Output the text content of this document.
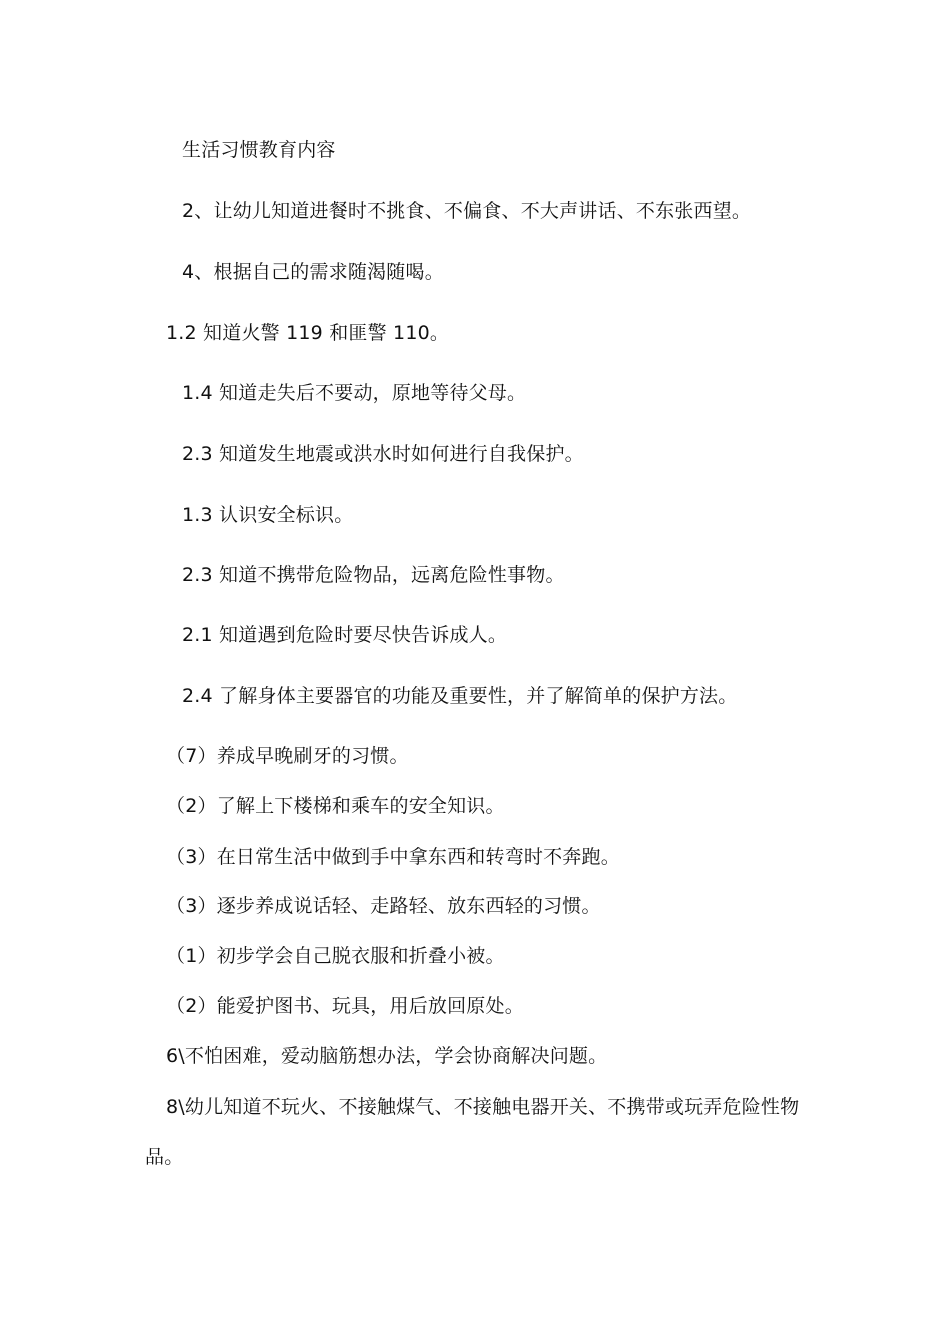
生活习惯教育内容
2、让幼儿知道进餐时不挑食、不偏食、不大声讲话、不东张西望。
4、根据自己的需求随渴随喝。
1.2 知道火警 119 和匪警 110。
1.4 知道走失后不要动，原地等待父母。
2.3 知道发生地震或洪水时如何进行自我保护。
1.3 认识安全标识。
2.3 知道不携带危险物品，远离危险性事物。
2.1 知道遇到危险时要尽快告诉成人。
2.4 了解身体主要器官的功能及重要性，并了解简单的保护方法。
（7）养成早晚刷牙的习惯。
（2）了解上下楼梯和乘车的安全知识。
（3）在日常生活中做到手中拿东西和转弯时不奔跑。
（3）逐步养成说话轻、走路轻、放东西轻的习惯。
（1）初步学会自己脱衣服和折叠小被。
（2）能爱护图书、玩具，用后放回原处。
6\不怕困难，爱动脑筋想办法，学会协商解决问题。
8\幼儿知道不玩火、不接触煤气、不接触电器开关、不携带或玩弄危险性物
品。
